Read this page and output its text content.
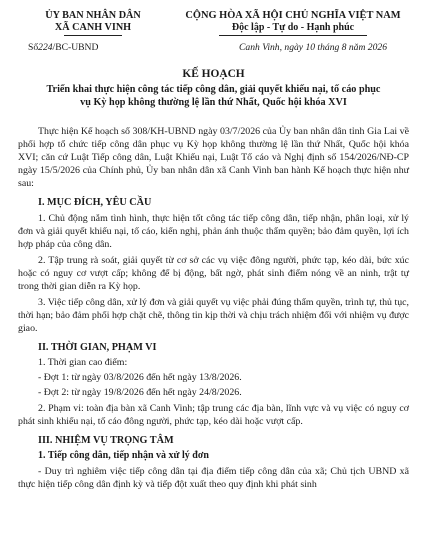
ỦY BAN NHÂN DÂN
XÃ CANH VINH
CỘNG HÒA XÃ HỘI CHỦ NGHĨA VIỆT NAM
Độc lập - Tự do - Hạnh phúc
Số224/BC-UBND	Canh Vinh, ngày 10 tháng 8 năm 2026
KẾ HOẠCH
Triển khai thực hiện công tác tiếp công dân, giải quyết khiếu nại, tố cáo phục vụ Kỳ họp không thường lệ lần thứ Nhất, Quốc hội khóa XVI

Thực hiện Kế hoạch số 308/KH-UBND ngày 03/7/2026 của Ủy ban nhân dân tỉnh Gia Lai về phối hợp tổ chức tiếp công dân phục vụ Kỳ họp không thường lệ lần thứ Nhất, Quốc hội khóa XVI; căn cứ Luật Tiếp công dân, Luật Khiếu nại, Luật Tố cáo và Nghị định số 154/2026/NĐ-CP ngày 15/5/2026 của Chính phủ, Ủy ban nhân dân xã Canh Vinh ban hành Kế hoạch thực hiện như sau:

I. MỤC ĐÍCH, YÊU CẦU

1. Chủ động nắm tình hình, thực hiện tốt công tác tiếp công dân, tiếp nhận, phân loại, xử lý đơn và giải quyết khiếu nại, tố cáo, kiến nghị, phản ánh thuộc thẩm quyền; bảo đảm quyền, lợi ích hợp pháp của công dân.

2. Tập trung rà soát, giải quyết từ cơ sở các vụ việc đông người, phức tạp, kéo dài, bức xúc hoặc có nguy cơ vượt cấp; không để bị động, bất ngờ, phát sinh điểm nóng về an ninh, trật tự trong thời gian diễn ra Kỳ họp.

3. Việc tiếp công dân, xử lý đơn và giải quyết vụ việc phải đúng thẩm quyền, trình tự, thủ tục, thời hạn; bảo đảm phối hợp chặt chẽ, thông tin kịp thời và chịu trách nhiệm đối với nhiệm vụ được giao.

II. THỜI GIAN, PHẠM VI
1. Thời gian cao điểm:
- Đợt 1: từ ngày 03/8/2026 đến hết ngày 13/8/2026.
- Đợt 2: từ ngày 19/8/2026 đến hết ngày 24/8/2026.

2. Phạm vi: toàn địa bàn xã Canh Vinh; tập trung các địa bàn, lĩnh vực và vụ việc có nguy cơ phát sinh khiếu nại, tố cáo đông người, phức tạp, kéo dài hoặc vượt cấp.

III. NHIỆM VỤ TRỌNG TÂM
1. Tiếp công dân, tiếp nhận và xử lý đơn

- Duy trì nghiêm việc tiếp công dân tại địa điểm tiếp công dân của xã; Chủ tịch UBND xã thực hiện tiếp công dân định kỳ và tiếp đột xuất theo quy định khi phát sinh
